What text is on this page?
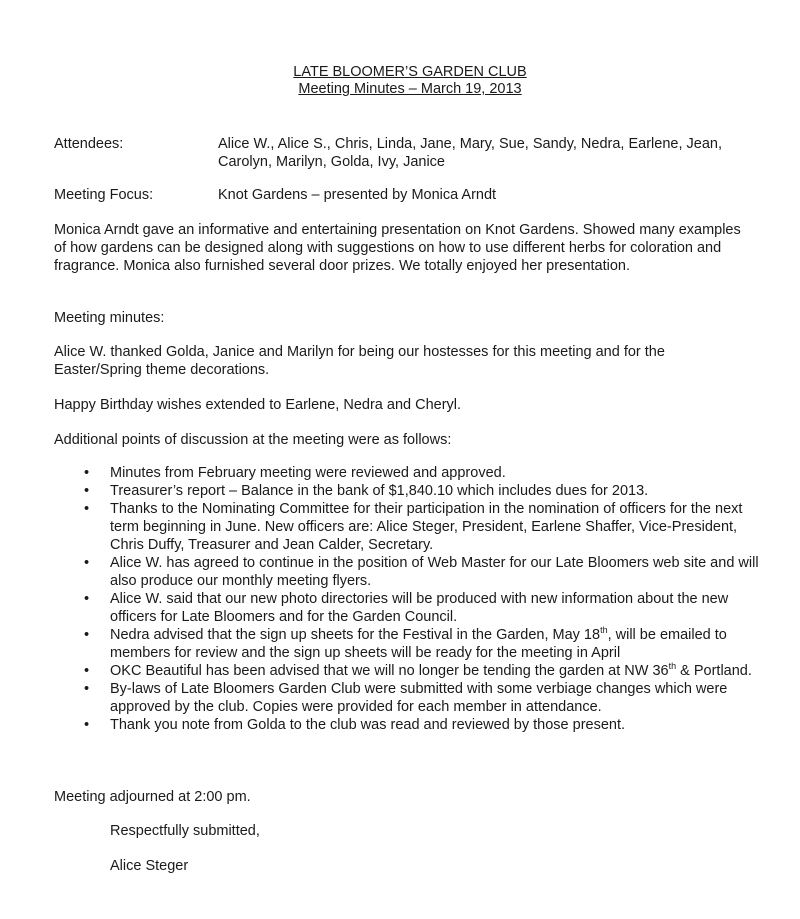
LATE BLOOMER’S GARDEN CLUB
Meeting Minutes – March 19, 2013
Attendees:	Alice W., Alice S., Chris, Linda, Jane, Mary, Sue, Sandy, Nedra, Earlene, Jean, Carolyn, Marilyn, Golda, Ivy, Janice
Meeting Focus:	Knot Gardens – presented by Monica Arndt

Monica Arndt gave an informative and entertaining presentation on Knot Gardens. Showed many examples of how gardens can be designed along with suggestions on how to use different herbs for coloration and fragrance. Monica also furnished several door prizes. We totally enjoyed her presentation.

Meeting minutes:

Alice W. thanked Golda, Janice and Marilyn for being our hostesses for this meeting and for the Easter/Spring theme decorations.

Happy Birthday wishes extended to Earlene, Nedra and Cheryl.

Additional points of discussion at the meeting were as follows:

• Minutes from February meeting were reviewed and approved.
• Treasurer’s report – Balance in the bank of $1,840.10 which includes dues for 2013.
• Thanks to the Nominating Committee for their participation in the nomination of officers for the next term beginning in June. New officers are: Alice Steger, President, Earlene Shaffer, Vice-President, Chris Duffy, Treasurer and Jean Calder, Secretary.
• Alice W. has agreed to continue in the position of Web Master for our Late Bloomers web site and will also produce our monthly meeting flyers.
• Alice W. said that our new photo directories will be produced with new information about the new officers for Late Bloomers and for the Garden Council.
• Nedra advised that the sign up sheets for the Festival in the Garden, May 18th, will be emailed to members for review and the sign up sheets will be ready for the meeting in April
• OKC Beautiful has been advised that we will no longer be tending the garden at NW 36th & Portland.
• By-laws of Late Bloomers Garden Club were submitted with some verbiage changes which were approved by the club. Copies were provided for each member in attendance.
• Thank you note from Golda to the club was read and reviewed by those present.

Meeting adjourned at 2:00 pm.

Respectfully submitted,
Alice Steger
